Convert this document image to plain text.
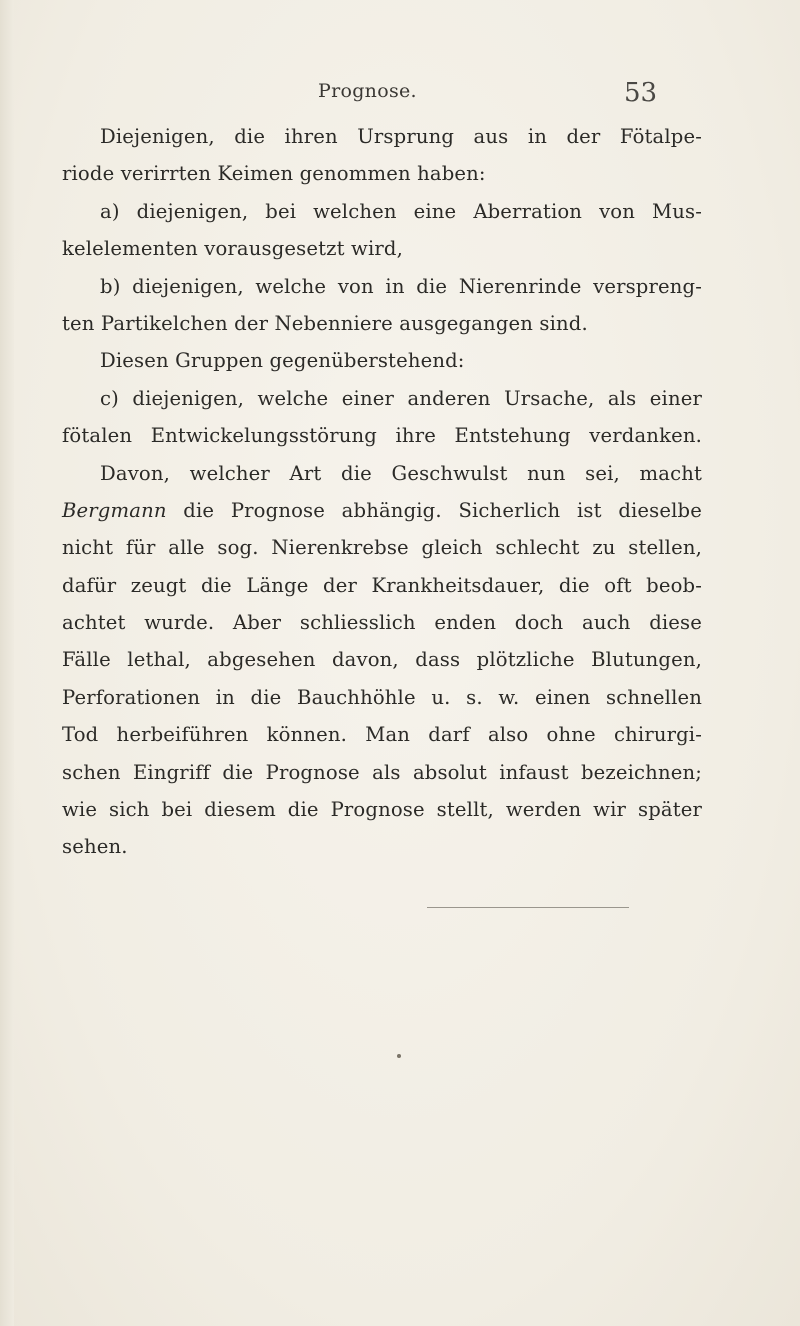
Prognose.	53
Diejenigen, die ihren Ursprung aus in der Fötalpe-
riode verirrten Keimen genommen haben:
a) diejenigen, bei welchen eine Aberration von Mus-
kelelementen vorausgesetzt wird,
b) diejenigen, welche von in die Nierenrinde verspreng-
ten Partikelchen der Nebenniere ausgegangen sind.
Diesen Gruppen gegenüberstehend:
c) diejenigen, welche einer anderen Ursache, als einer
fötalen Entwickelungsstörung ihre Entstehung verdanken.
Davon, welcher Art die Geschwulst nun sei, macht
Bergmann die Prognose abhängig. Sicherlich ist dieselbe
nicht für alle sog. Nierenkrebse gleich schlecht zu stellen,
dafür zeugt die Länge der Krankheitsdauer, die oft beob-
achtet wurde. Aber schliesslich enden doch auch diese
Fälle lethal, abgesehen davon, dass plötzliche Blutungen,
Perforationen in die Bauchhöhle u. s. w. einen schnellen
Tod herbeiführen können. Man darf also ohne chirurgi-
schen Eingriff die Prognose als absolut infaust bezeichnen;
wie sich bei diesem die Prognose stellt, werden wir später
sehen.
